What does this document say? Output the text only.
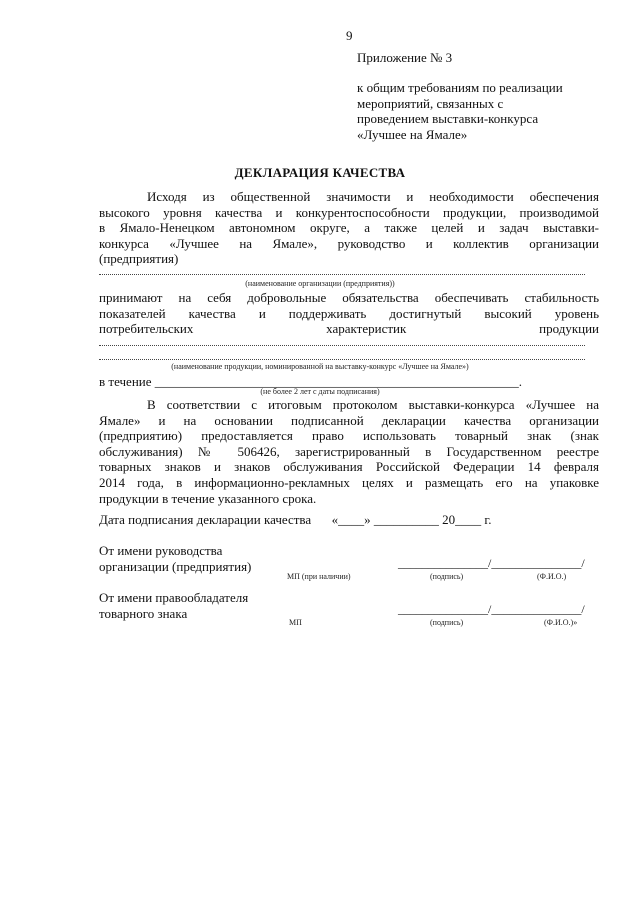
9
Приложение № 3
к общим требованиям по реализации
мероприятий, связанных с
проведением выставки-конкурса
«Лучшее на Ямале»
ДЕКЛАРАЦИЯ КАЧЕСТВА
Исходя из общественной значимости и необходимости обеспечения
высокого уровня качества и конкурентоспособности продукции, производимой
в Ямало-Ненецком автономном округе, а также целей и задач выставки-
конкурса «Лучшее на Ямале», руководство и коллектив организации
(предприятия)
(наименование организации (предприятия))
принимают на себя добровольные обязательства обеспечивать стабильность
показателей качества и поддерживать достигнутый высокий уровень
потребительских характеристик продукции
(наименование продукции, номинированной на выставку-конкурс «Лучшее на Ямале»)
в течение ________________________________________________________.
(не более 2 лет с даты подписания)
В соответствии с итоговым протоколом выставки-конкурса «Лучшее на
Ямале» и на основании подписанной декларации качества организации
(предприятию) предоставляется право использовать товарный знак (знак
обслуживания) № 506426, зарегистрированный в Государственном реестре
товарных знаков и знаков обслуживания Российской Федерации 14 февраля
2014 года, в информационно-рекламных целях и размещать его на упаковке
продукции в течение указанного срока.
Дата подписания декларации качества «____» __________ 20____ г.
От имени руководства
организации (предприятия)	_______________/_______________/
МП (при наличии)	(подпись)	(Ф.И.О.)
От имени правообладателя
товарного знака	_______________/_______________/
МП	(подпись)	(Ф.И.О.)»
